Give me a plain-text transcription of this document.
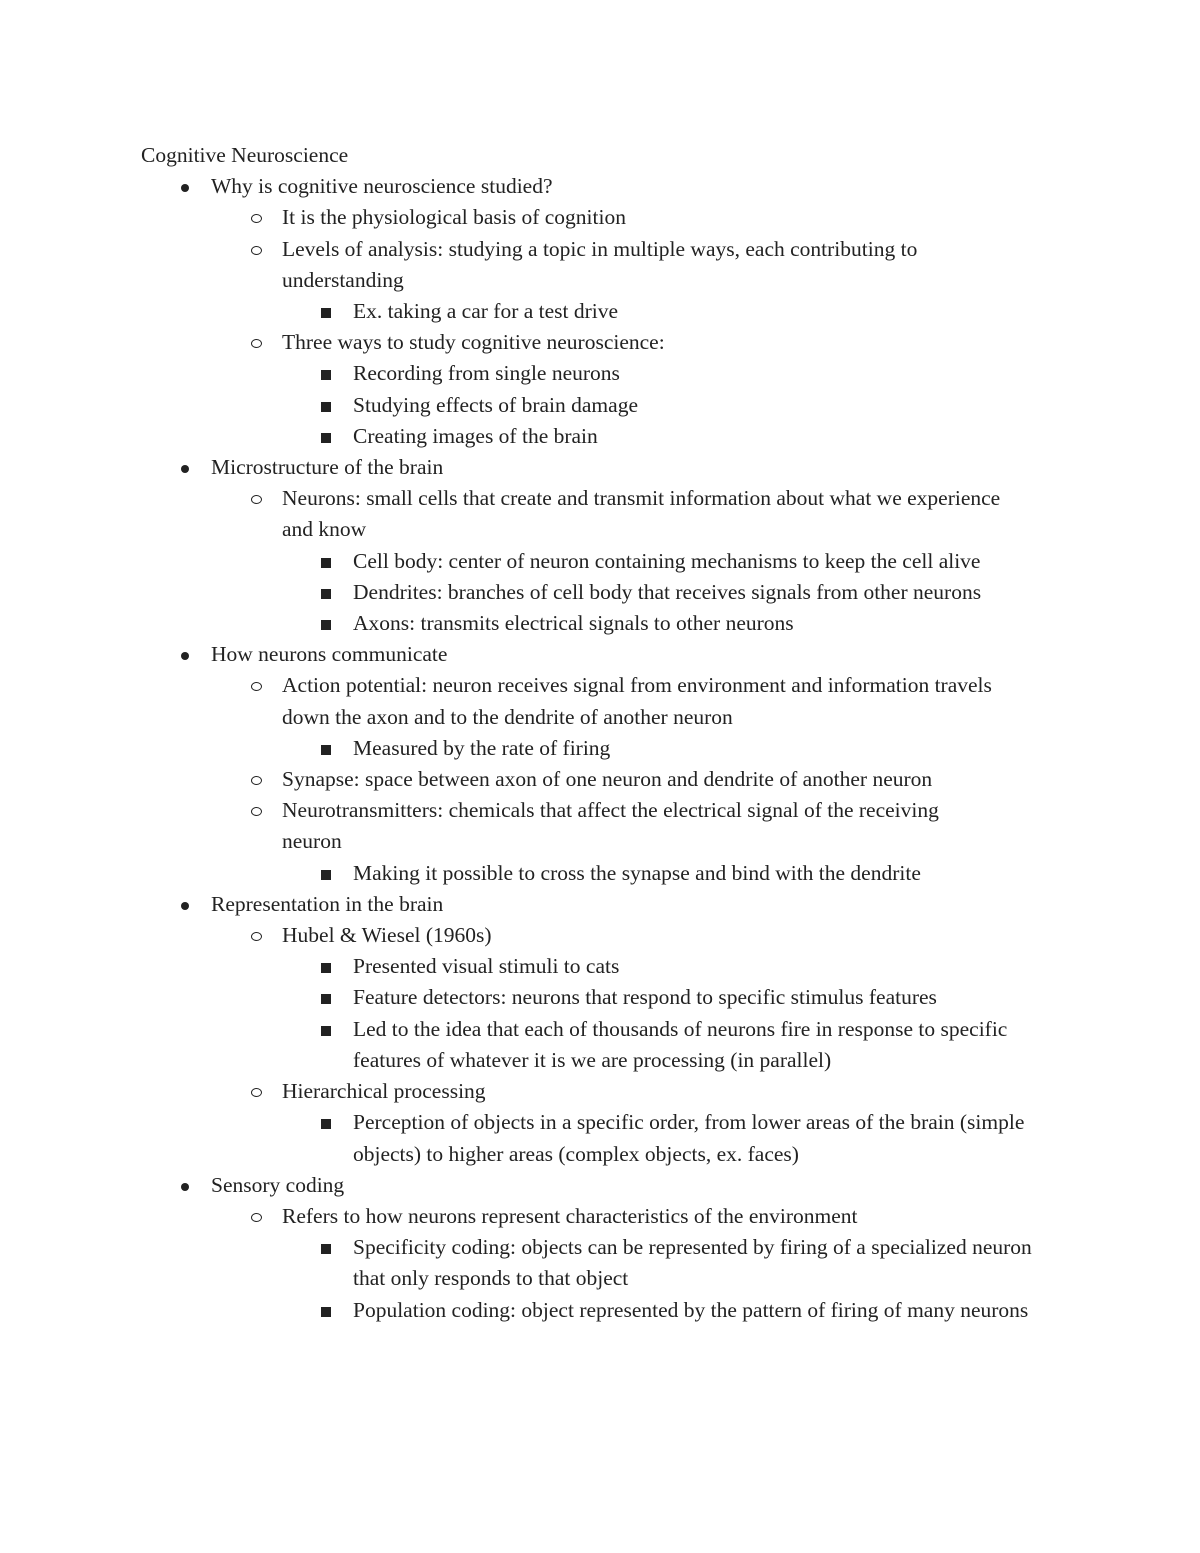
Cognitive Neuroscience
Why is cognitive neuroscience studied?
It is the physiological basis of cognition
Levels of analysis: studying a topic in multiple ways, each contributing to understanding
Ex. taking a car for a test drive
Three ways to study cognitive neuroscience:
Recording from single neurons
Studying effects of brain damage
Creating images of the brain
Microstructure of the brain
Neurons: small cells that create and transmit information about what we experience and know
Cell body: center of neuron containing mechanisms to keep the cell alive
Dendrites: branches of cell body that receives signals from other neurons
Axons: transmits electrical signals to other neurons
How neurons communicate
Action potential: neuron receives signal from environment and information travels down the axon and to the dendrite of another neuron
Measured by the rate of firing
Synapse: space between axon of one neuron and dendrite of another neuron
Neurotransmitters: chemicals that affect the electrical signal of the receiving neuron
Making it possible to cross the synapse and bind with the dendrite
Representation in the brain
Hubel & Wiesel (1960s)
Presented visual stimuli to cats
Feature detectors: neurons that respond to specific stimulus features
Led to the idea that each of thousands of neurons fire in response to specific features of whatever it is we are processing (in parallel)
Hierarchical processing
Perception of objects in a specific order, from lower areas of the brain (simple objects) to higher areas (complex objects, ex. faces)
Sensory coding
Refers to how neurons represent characteristics of the environment
Specificity coding: objects can be represented by firing of a specialized neuron that only responds to that object
Population coding: object represented by the pattern of firing of many neurons
